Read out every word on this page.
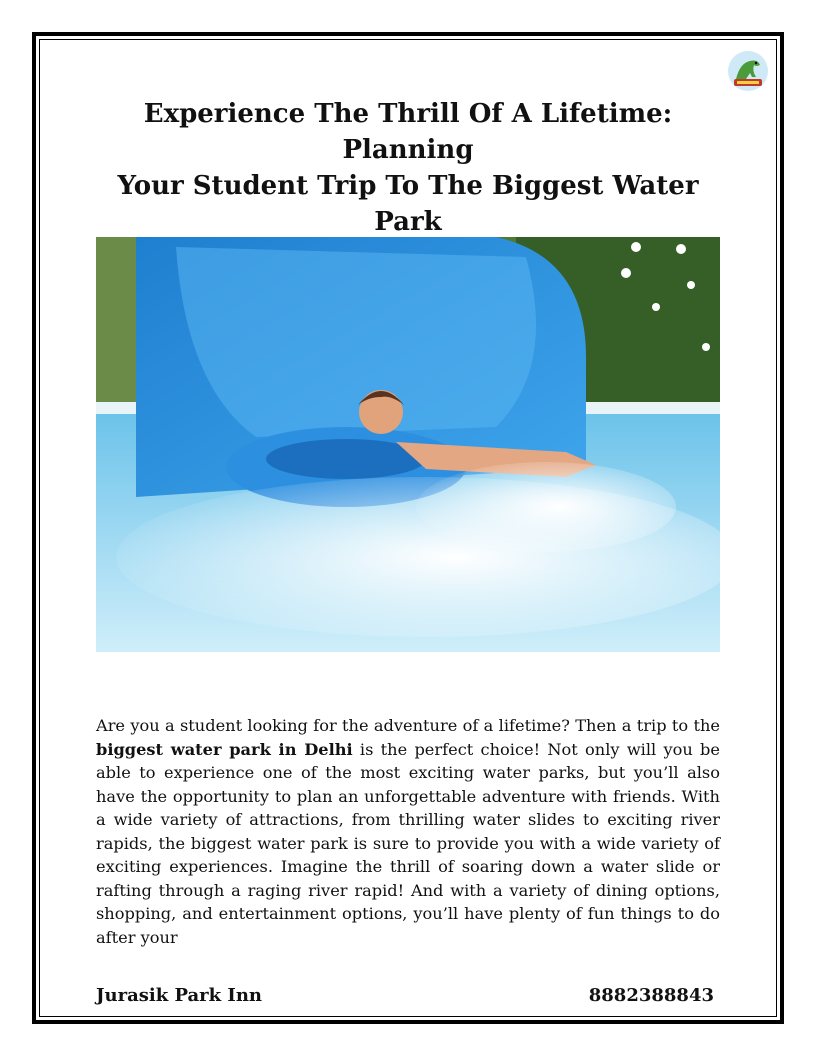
Experience The Thrill Of A Lifetime: Planning
Your Student Trip To The Biggest Water Park

Are you a student looking for the adventure of a lifetime? Then a trip to the biggest water park in Delhi is the perfect choice! Not only will you be able to experience one of the most exciting water parks, but you’ll also have the opportunity to plan an unforgettable adventure with friends. With a wide variety of attractions, from thrilling water slides to exciting river rapids, the biggest water park is sure to provide you with a wide variety of exciting experiences. Imagine the thrill of soaring down a water slide or rafting through a raging river rapid! And with a variety of dining options, shopping, and entertainment options, you’ll have plenty of fun things to do after your

Jurasik Park Inn	8882388843
